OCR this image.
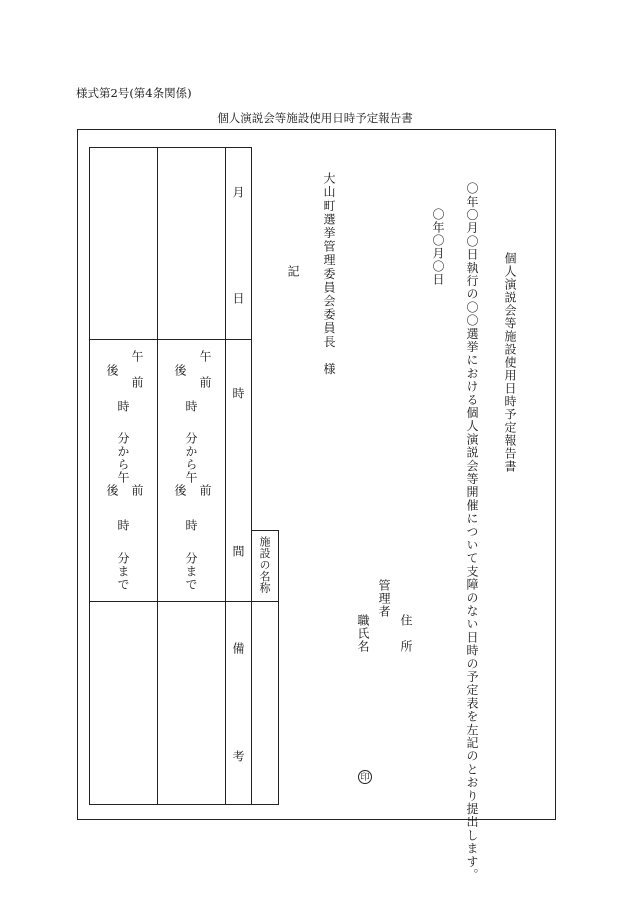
様式第2号(第4条関係)
個人演説会等施設使用日時予定報告書
個人演説会等施設使用日時予定報告書
〇年〇月〇日執行の〇〇選挙における個人演説会等開催について支障のない日時の予定表を左記のとおり提出します。
〇年〇月〇日
住　所
管理者
職氏名
印
大山町選挙管理委員会委員長　様
記
施設の名称
月
日
時
間
備
考
午　前
後
時
分から午
前
後
時
分まで
午　前
後
時
分から午
前
後
時
分まで
